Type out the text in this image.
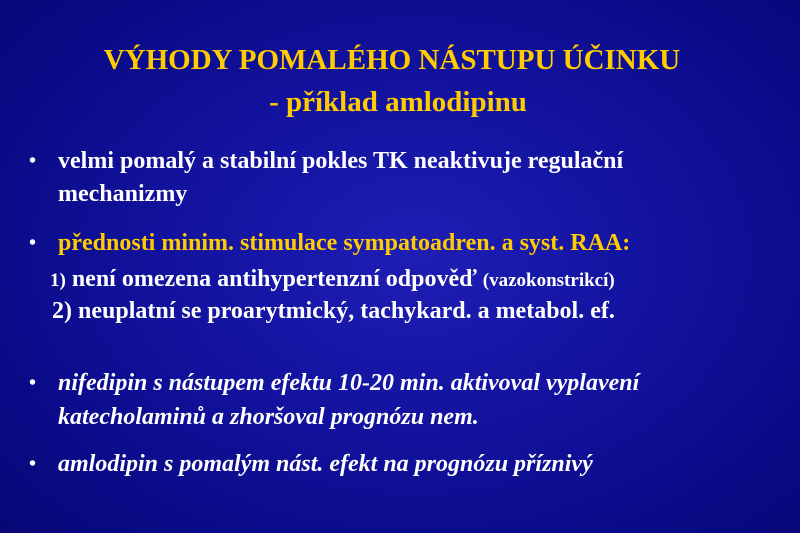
VÝHODY POMALÉHO NÁSTUPU ÚČINKU
- příklad amlodipinu
• velmi pomalý a stabilní pokles TK neaktivuje regulační
mechanizmy
• přednosti minim. stimulace sympatoadren. a syst. RAA:
1) není omezena antihypertenzní odpověď (vazokonstrikcí)
2) neuplatní se proarytmický, tachykard. a metabol. ef.
• nifedipin s nástupem efektu 10-20 min. aktivoval vyplavení
katecholaminů a zhoršoval prognózu nem.
• amlodipin s pomalým nást. efekt na prognózu příznivý
